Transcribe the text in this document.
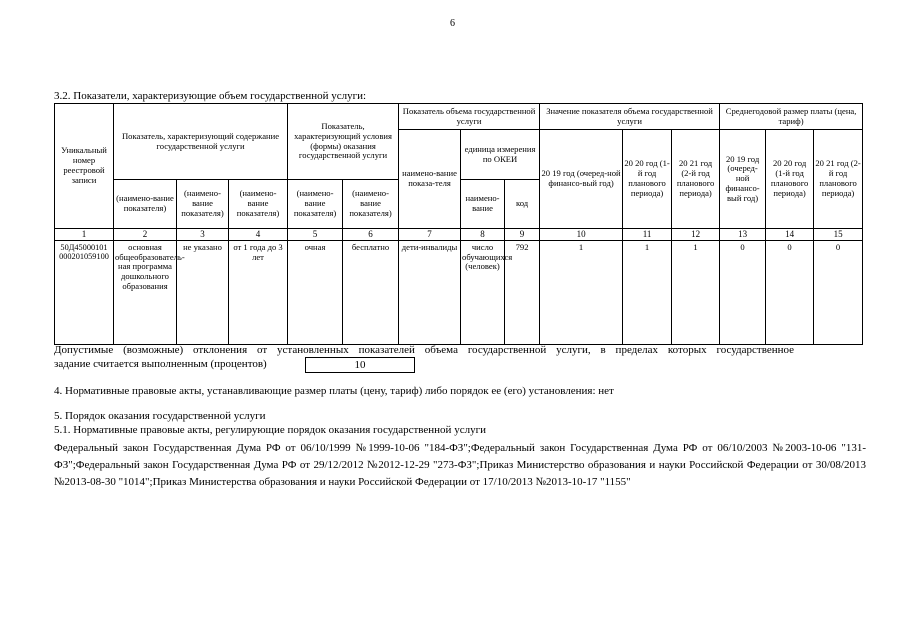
6
3.2. Показатели, характеризующие объем государственной услуги:
Уникальный номер реестровой записи	Показатель, характеризующий содержание государственной услуги			Показатель, характеризующий условия (формы) оказания государственной услуги		Показатель объема государственной услуги			Значение показателя объема государственной услуги			Среднегодовой размер платы (цена, тариф)		
						наимено-вание показа-теля	единица измерения по ОКЕИ		20 19 год (очеред-ной финансо-вый год)	20 20 год (1-й год планового периода)	20 21 год (2-й год планового периода)	20 19 год (очеред-ной финансо-вый год)	20 20 год (1-й год планового периода)	20 21 год (2-й год планового периода)
	(наимено-вание показателя)	(наимено-вание показателя)	(наимено-вание показателя)	(наимено-вание показателя)	(наимено-вание показателя)		наимено-вание	код						
1	2	3	4	5	6	7	8	9	10	11	12	13	14	15
50Д45000101 000201059100	основная общеобразовательная программа дошкольного образования	не указано	от 1 года до 3 лет	очная	бесплатно	дети-инвалиды	число обучающихся (человек)	792	1	1	1	0	0	0
Допустимые (возможные) отклонения от установленных показателей объема государственной услуги, в пределах которых государственное
задание считается выполненным (процентов)	10
4. Нормативные правовые акты, устанавливающие размер платы (цену, тариф) либо порядок ее (его) установления: нет
5. Порядок оказания государственной услуги
5.1. Нормативные правовые акты, регулирующие порядок оказания государственной услуги
Федеральный закон Государственная Дума РФ от 06/10/1999 №1999-10-06 "184-ФЗ";Федеральный закон Государственная Дума РФ от 06/10/2003 №2003-10-06 "131-ФЗ";Федеральный закон Государственная Дума РФ от 29/12/2012 №2012-12-29 "273-ФЗ";Приказ Министерство образования и науки Российской Федерации от 30/08/2013 №2013-08-30 "1014";Приказ Министерства образования и науки Российской Федерации от 17/10/2013 №2013-10-17 "1155"
